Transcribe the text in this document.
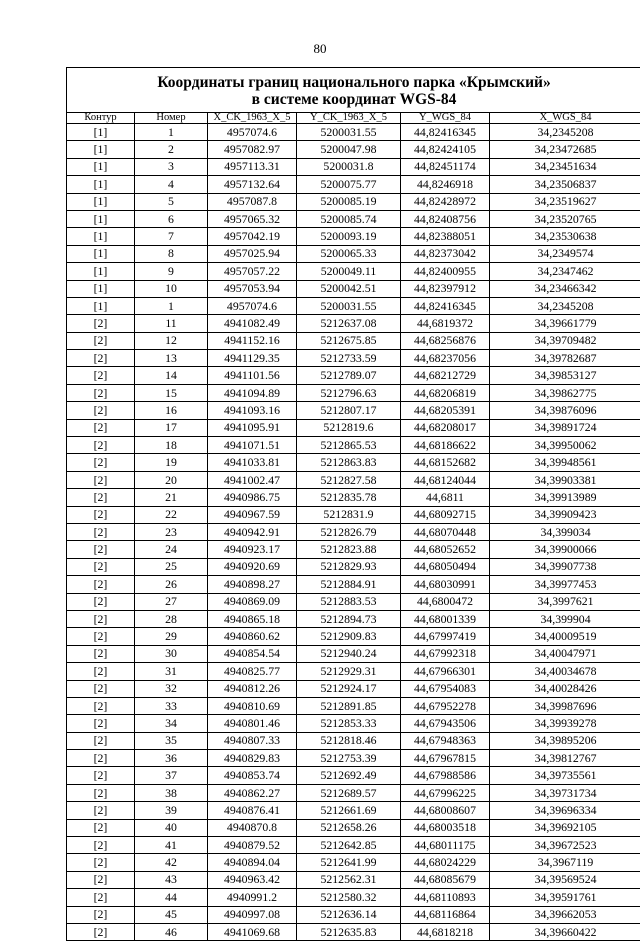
80
Координаты границ национального парка «Крымский»
в системе координат WGS-84					

Контур	Номер	X_CK_1963_X_5	Y_CK_1963_X_5	Y_WGS_84	X_WGS_84
[1]	1	4957074.6	5200031.55	44,82416345	34,2345208
[1]	2	4957082.97	5200047.98	44,82424105	34,23472685
[1]	3	4957113.31	5200031.8	44,82451174	34,23451634
[1]	4	4957132.64	5200075.77	44,8246918	34,23506837
[1]	5	4957087.8	5200085.19	44,82428972	34,23519627
[1]	6	4957065.32	5200085.74	44,82408756	34,23520765
[1]	7	4957042.19	5200093.19	44,82388051	34,23530638
[1]	8	4957025.94	5200065.33	44,82373042	34,2349574
[1]	9	4957057.22	5200049.11	44,82400955	34,2347462
[1]	10	4957053.94	5200042.51	44,82397912	34,23466342
[1]	1	4957074.6	5200031.55	44,82416345	34,2345208
[2]	11	4941082.49	5212637.08	44,6819372	34,39661779
[2]	12	4941152.16	5212675.85	44,68256876	34,39709482
[2]	13	4941129.35	5212733.59	44,68237056	34,39782687
[2]	14	4941101.56	5212789.07	44,68212729	34,39853127
[2]	15	4941094.89	5212796.63	44,68206819	34,39862775
[2]	16	4941093.16	5212807.17	44,68205391	34,39876096
[2]	17	4941095.91	5212819.6	44,68208017	34,39891724
[2]	18	4941071.51	5212865.53	44,68186622	34,39950062
[2]	19	4941033.81	5212863.83	44,68152682	34,39948561
[2]	20	4941002.47	5212827.58	44,68124044	34,39903381
[2]	21	4940986.75	5212835.78	44,6811	34,39913989
[2]	22	4940967.59	5212831.9	44,68092715	34,39909423
[2]	23	4940942.91	5212826.79	44,68070448	34,399034
[2]	24	4940923.17	5212823.88	44,68052652	34,39900066
[2]	25	4940920.69	5212829.93	44,68050494	34,39907738
[2]	26	4940898.27	5212884.91	44,68030991	34,39977453
[2]	27	4940869.09	5212883.53	44,6800472	34,3997621
[2]	28	4940865.18	5212894.73	44,68001339	34,399904
[2]	29	4940860.62	5212909.83	44,67997419	34,40009519
[2]	30	4940854.54	5212940.24	44,67992318	34,40047971
[2]	31	4940825.77	5212929.31	44,67966301	34,40034678
[2]	32	4940812.26	5212924.17	44,67954083	34,40028426
[2]	33	4940810.69	5212891.85	44,67952278	34,39987696
[2]	34	4940801.46	5212853.33	44,67943506	34,39939278
[2]	35	4940807.33	5212818.46	44,67948363	34,39895206
[2]	36	4940829.83	5212753.39	44,67967815	34,39812767
[2]	37	4940853.74	5212692.49	44,67988586	34,39735561
[2]	38	4940862.27	5212689.57	44,67996225	34,39731734
[2]	39	4940876.41	5212661.69	44,68008607	34,39696334
[2]	40	4940870.8	5212658.26	44,68003518	34,39692105
[2]	41	4940879.52	5212642.85	44,68011175	34,39672523
[2]	42	4940894.04	5212641.99	44,68024229	34,3967119
[2]	43	4940963.42	5212562.31	44,68085679	34,39569524
[2]	44	4940991.2	5212580.32	44,68110893	34,39591761
[2]	45	4940997.08	5212636.14	44,68116864	34,39662053
[2]	46	4941069.68	5212635.83	44,6818218	34,39660422
